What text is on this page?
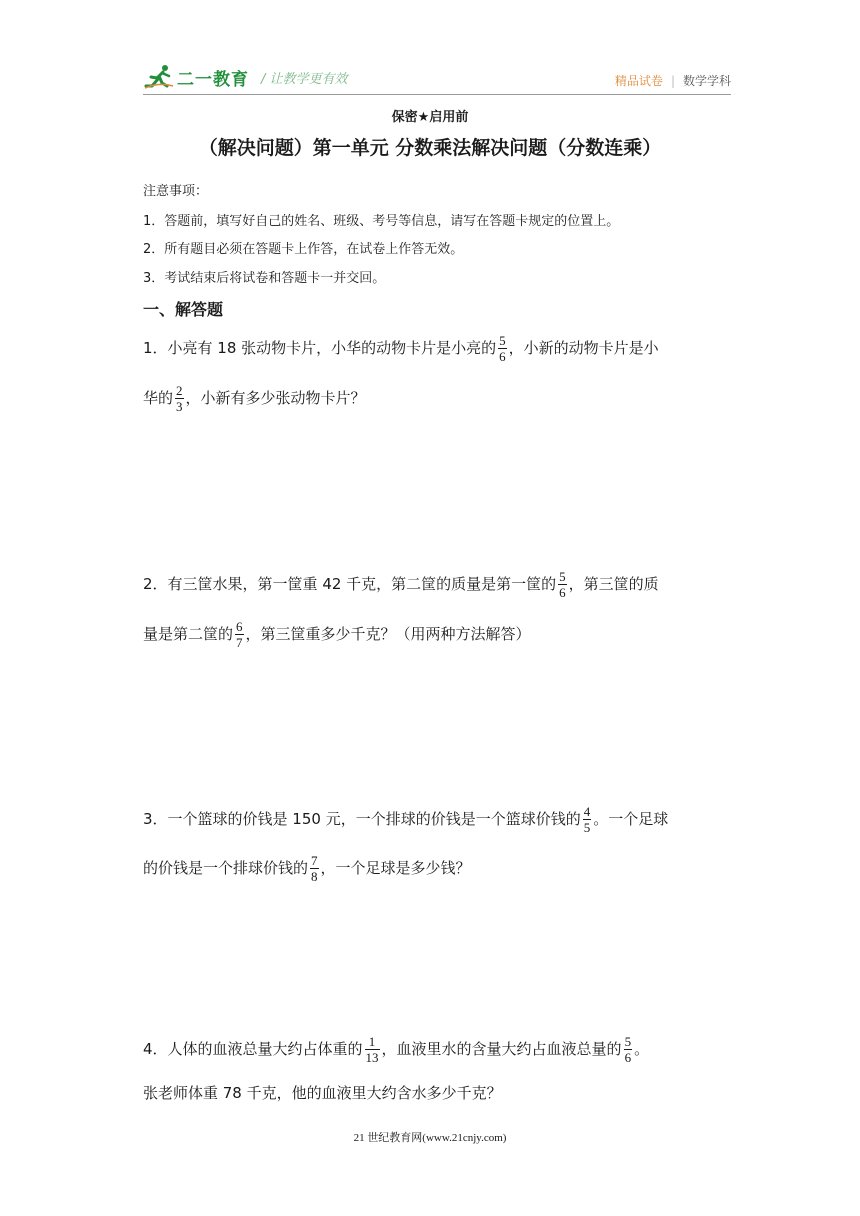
二一教育 / 让教学更有效	精品试卷 | 数学学科
保密★启用前
（解决问题）第一单元 分数乘法解决问题（分数连乘）
注意事项：
1．答题前，填写好自己的姓名、班级、考号等信息，请写在答题卡规定的位置上。
2．所有题目必须在答题卡上作答，在试卷上作答无效。
3．考试结束后将试卷和答题卡一并交回。
一、解答题
1．小亮有 18 张动物卡片，小华的动物卡片是小亮的 $\frac{5}{6}$ ，小新的动物卡片是小
华的 $\frac{2}{3}$ ，小新有多少张动物卡片？
2．有三筐水果，第一筐重 42 千克，第二筐的质量是第一筐的 $\frac{5}{6}$ ，第三筐的质
量是第二筐的 $\frac{6}{7}$ ，第三筐重多少千克？（用两种方法解答）
3．一个篮球的价钱是 150 元，一个排球的价钱是一个篮球价钱的 $\frac{4}{5}$ 。一个足球
的价钱是一个排球价钱的 $\frac{7}{8}$ ，一个足球是多少钱？
4．人体的血液总量大约占体重的 $\frac{1}{13}$ ，血液里水的含量大约占血液总量的 $\frac{5}{6}$ 。
张老师体重 78 千克，他的血液里大约含水多少千克？
21 世纪教育网(www.21cnjy.com)
